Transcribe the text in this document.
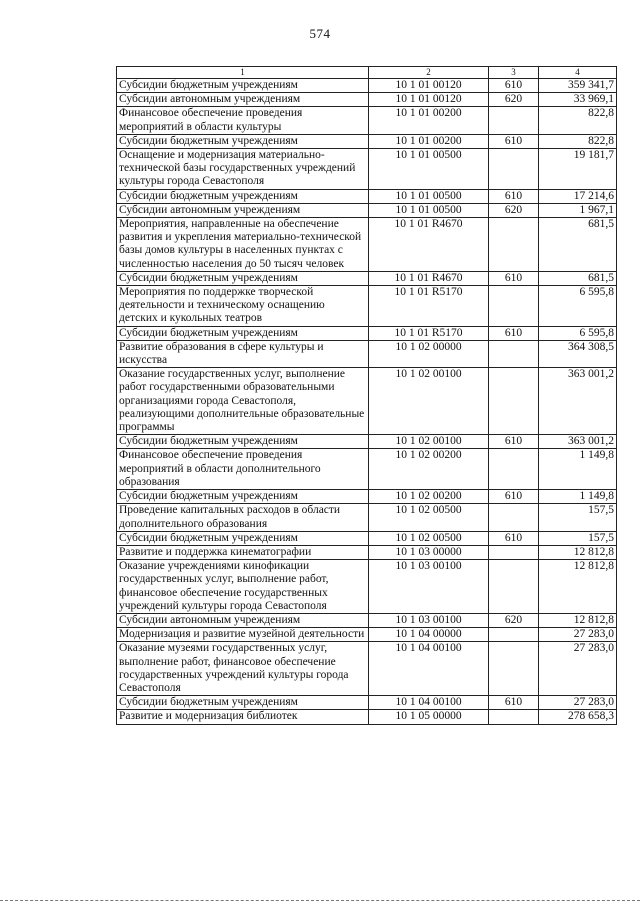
574
1	2	3	4
Субсидии бюджетным учреждениям	10 1 01 00120	610	359 341,7
Субсидии автономным учреждениям	10 1 01 00120	620	33 969,1
Финансовое обеспечение проведения мероприятий в области культуры	10 1 01 00200		822,8
Субсидии бюджетным учреждениям	10 1 01 00200	610	822,8
Оснащение и модернизация материально-технической базы государственных учреждений культуры города Севастополя	10 1 01 00500		19 181,7
Субсидии бюджетным учреждениям	10 1 01 00500	610	17 214,6
Субсидии автономным учреждениям	10 1 01 00500	620	1 967,1
Мероприятия, направленные на обеспечение развития и укрепления материально-технической базы домов культуры в населенных пунктах с численностью населения до 50 тысяч человек	10 1 01 R4670		681,5
Субсидии бюджетным учреждениям	10 1 01 R4670	610	681,5
Мероприятия по поддержке творческой деятельности и техническому оснащению детских и кукольных театров	10 1 01 R5170		6 595,8
Субсидии бюджетным учреждениям	10 1 01 R5170	610	6 595,8
Развитие образования в сфере культуры и искусства	10 1 02 00000		364 308,5
Оказание государственных услуг, выполнение работ государственными образовательными организациями города Севастополя, реализующими дополнительные образовательные программы	10 1 02 00100		363 001,2
Субсидии бюджетным учреждениям	10 1 02 00100	610	363 001,2
Финансовое обеспечение проведения мероприятий в области дополнительного образования	10 1 02 00200		1 149,8
Субсидии бюджетным учреждениям	10 1 02 00200	610	1 149,8
Проведение капитальных расходов в области дополнительного образования	10 1 02 00500		157,5
Субсидии бюджетным учреждениям	10 1 02 00500	610	157,5
Развитие и поддержка кинематографии	10 1 03 00000		12 812,8
Оказание учреждениями кинофикации государственных услуг, выполнение работ, финансовое обеспечение государственных учреждений культуры города Севастополя	10 1 03 00100		12 812,8
Субсидии автономным учреждениям	10 1 03 00100	620	12 812,8
Модернизация и развитие музейной деятельности	10 1 04 00000		27 283,0
Оказание музеями государственных услуг, выполнение работ, финансовое обеспечение государственных учреждений культуры города Севастополя	10 1 04 00100		27 283,0
Субсидии бюджетным учреждениям	10 1 04 00100	610	27 283,0
Развитие и модернизация библиотек	10 1 05 00000		278 658,3
